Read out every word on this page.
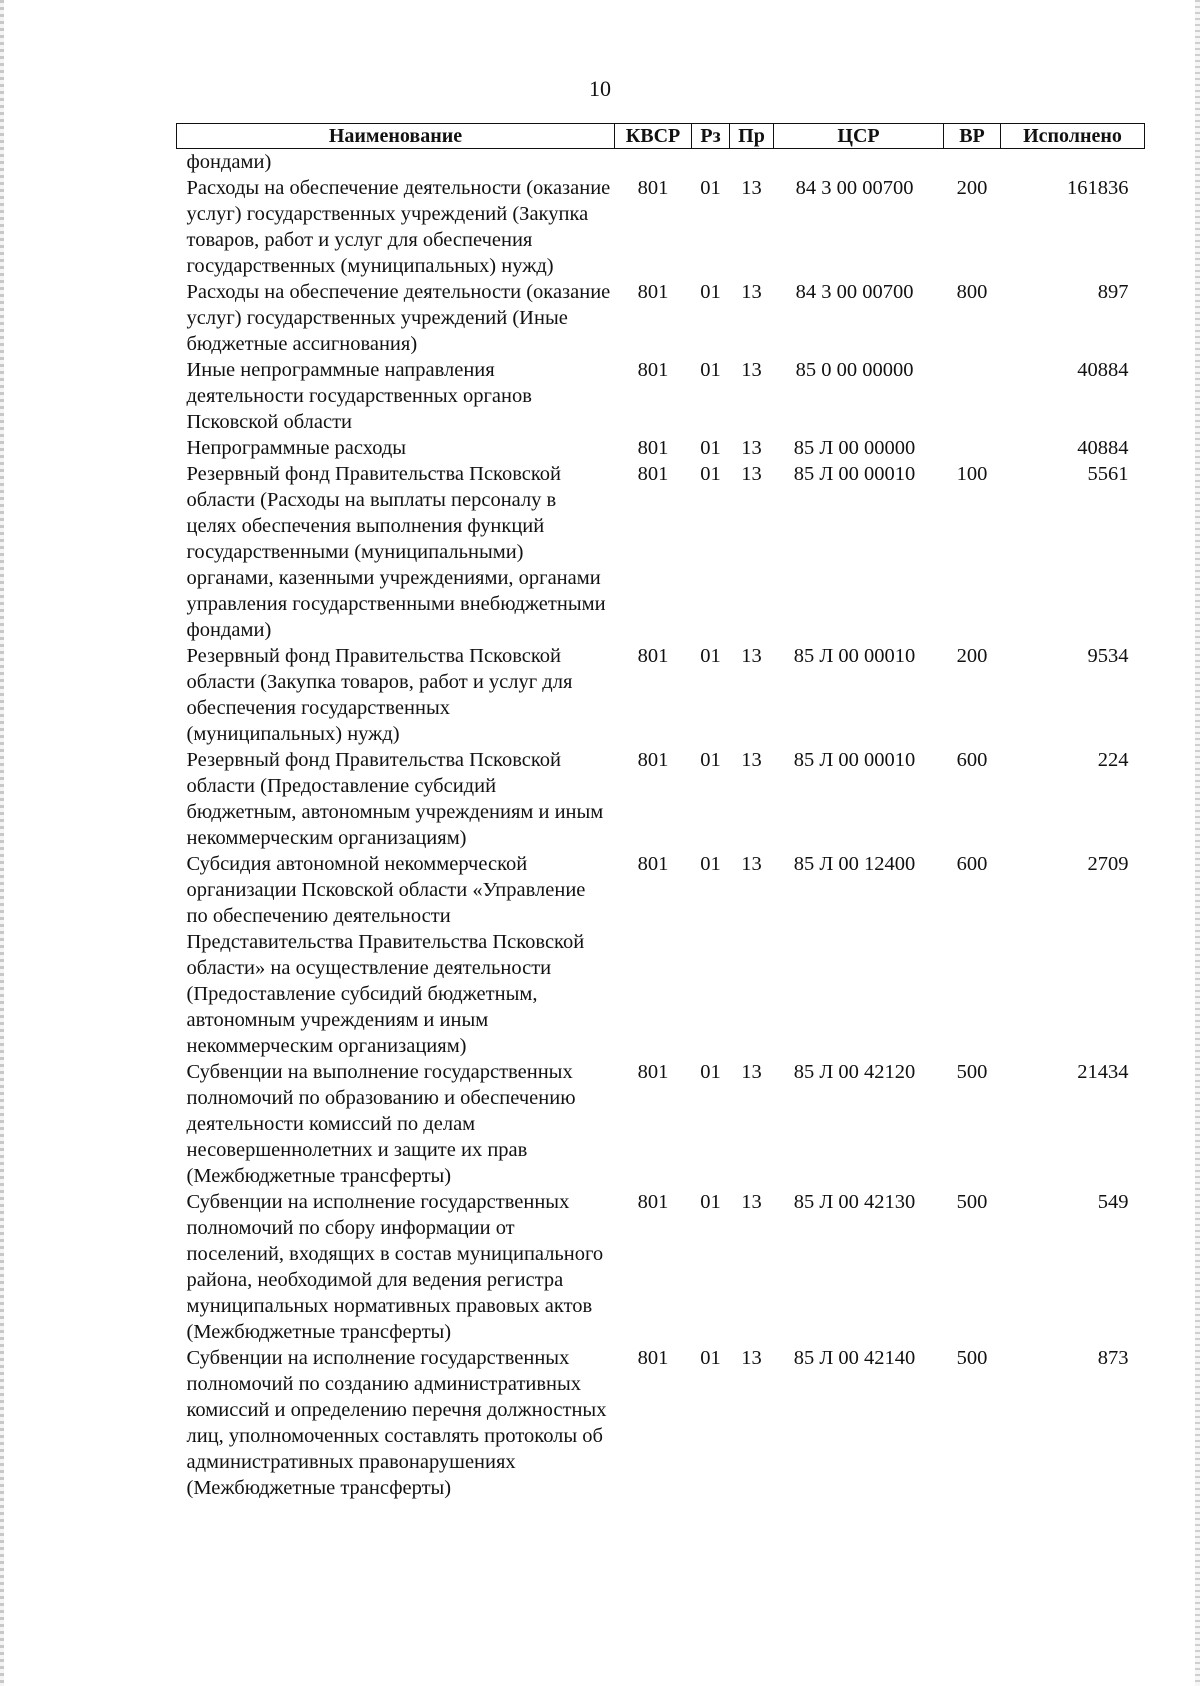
10
Наименование	КВСР	Рз	Пр	ЦСР	ВР	Исполнено
фондами)						
Расходы на обеспечение деятельности (оказание услуг) государственных учреждений (Закупка товаров, работ и услуг для обеспечения государственных (муниципальных) нужд)	801	01	13	84 3 00 00700	200	161836
Расходы на обеспечение деятельности (оказание услуг) государственных учреждений (Иные бюджетные ассигнования)	801	01	13	84 3 00 00700	800	897
Иные непрограммные направления деятельности государственных органов Псковской области	801	01	13	85 0 00 00000		40884
Непрограммные расходы	801	01	13	85 Л 00 00000		40884
Резервный фонд Правительства Псковской области (Расходы на выплаты персоналу в целях обеспечения выполнения функций государственными (муниципальными) органами, казенными учреждениями, органами управления государственными внебюджетными фондами)	801	01	13	85 Л 00 00010	100	5561
Резервный фонд Правительства Псковской области (Закупка товаров, работ и услуг для обеспечения государственных (муниципальных) нужд)	801	01	13	85 Л 00 00010	200	9534
Резервный фонд Правительства Псковской области (Предоставление субсидий бюджетным, автономным учреждениям и иным некоммерческим организациям)	801	01	13	85 Л 00 00010	600	224
Субсидия автономной некоммерческой организации Псковской области «Управление по обеспечению деятельности Представительства Правительства Псковской области» на осуществление деятельности (Предоставление субсидий бюджетным, автономным учреждениям и иным некоммерческим организациям)	801	01	13	85 Л 00 12400	600	2709
Субвенции на выполнение государственных полномочий по образованию и обеспечению деятельности комиссий по делам несовершеннолетних и защите их прав (Межбюджетные трансферты)	801	01	13	85 Л 00 42120	500	21434
Субвенции на исполнение государственных полномочий по сбору информации от поселений, входящих в состав муниципального района, необходимой для ведения регистра муниципальных нормативных правовых актов (Межбюджетные трансферты)	801	01	13	85 Л 00 42130	500	549
Субвенции на исполнение государственных полномочий по созданию административных комиссий и определению перечня должностных лиц, уполномоченных составлять протоколы об административных правонарушениях (Межбюджетные трансферты)	801	01	13	85 Л 00 42140	500	873
